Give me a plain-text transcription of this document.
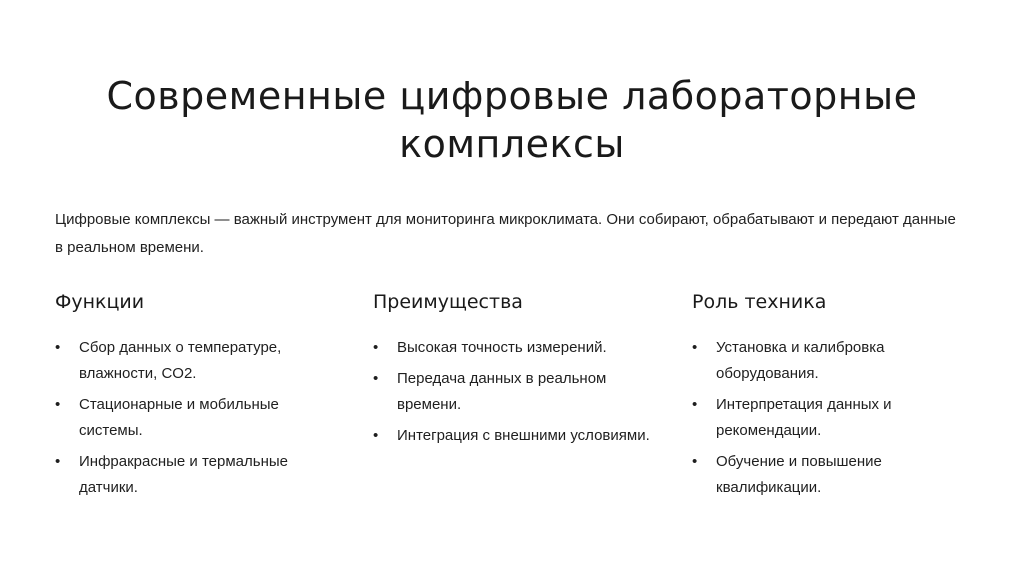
Современные цифровые лабораторные комплексы
Цифровые комплексы — важный инструмент для мониторинга микроклимата. Они собирают, обрабатывают и передают данные в реальном времени.
Функции
• Сбор данных о температуре, влажности, CO2.
• Стационарные и мобильные системы.
• Инфракрасные и термальные датчики.
Преимущества
• Высокая точность измерений.
• Передача данных в реальном времени.
• Интеграция с внешними условиями.
Роль техника
• Установка и калибровка оборудования.
• Интерпретация данных и рекомендации.
• Обучение и повышение квалификации.
